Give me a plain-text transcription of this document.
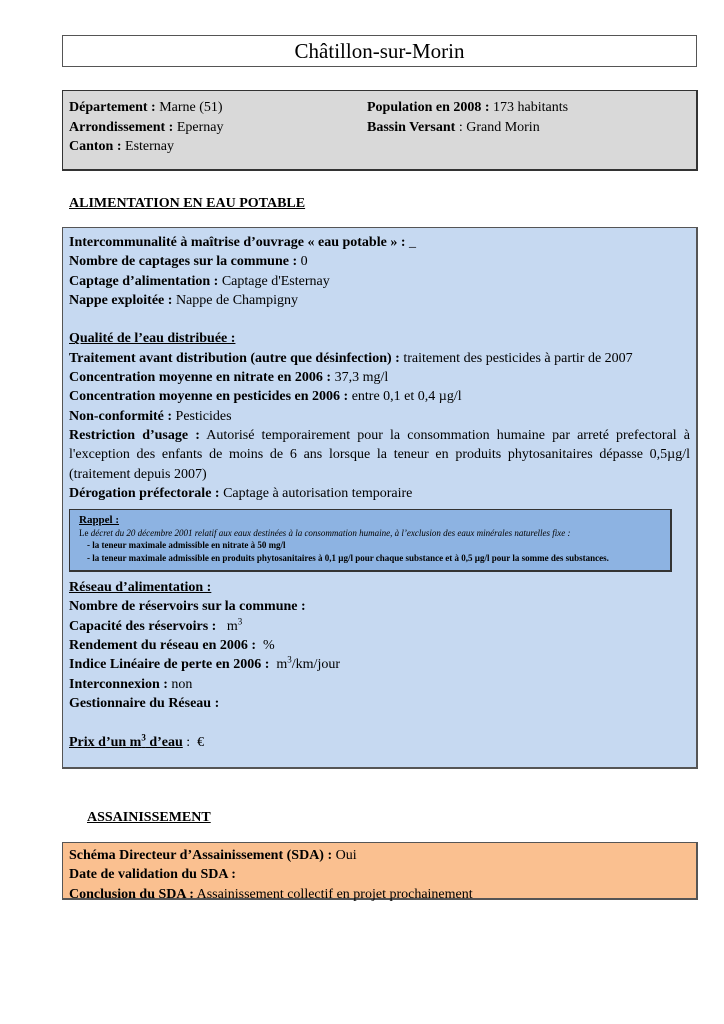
Châtillon-sur-Morin
Département : Marne (51)
Arrondissement : Epernay
Canton : Esternay
Population en 2008 : 173 habitants
Bassin Versant : Grand Morin
ALIMENTATION EN EAU POTABLE
Intercommunalité à maîtrise d’ouvrage « eau potable » : _
Nombre de captages sur la commune : 0
Captage d’alimentation : Captage d'Esternay
Nappe exploitée : Nappe de Champigny
Qualité de l’eau distribuée :
Traitement avant distribution (autre que désinfection) : traitement des pesticides à partir de 2007
Concentration moyenne en nitrate en 2006 : 37,3 mg/l
Concentration moyenne en pesticides en 2006 : entre 0,1 et 0,4 µg/l
Non-conformité : Pesticides
Restriction d’usage : Autorisé temporairement pour la consommation humaine par arreté prefectoral à l'exception des enfants de moins de 6 ans lorsque la teneur en produits phytosanitaires dépasse 0,5µg/l (traitement depuis 2007)
Dérogation préfectorale : Captage à autorisation temporaire
Rappel :
Le décret du 20 décembre 2001 relatif aux eaux destinées à la consommation humaine, à l’exclusion des eaux minérales naturelles fixe :
- la teneur maximale admissible en nitrate à 50 mg/l
- la teneur maximale admissible en produits phytosanitaires à 0,1 µg/l pour chaque substance et à 0,5 µg/l pour la somme des substances.
Réseau d’alimentation :
Nombre de réservoirs sur la commune :
Capacité des réservoirs :   $m^3$
Rendement du réseau en 2006 :  %
Indice Linéaire de perte en 2006 :  $m^3/km$/jour
Interconnexion : non
Gestionnaire du Réseau :
Prix d’un $m^3$ d’eau :  €
ASSAINISSEMENT
Schéma Directeur d’Assainissement (SDA) : Oui
Date de validation du SDA :
Conclusion du SDA : Assainissement collectif en projet prochainement
